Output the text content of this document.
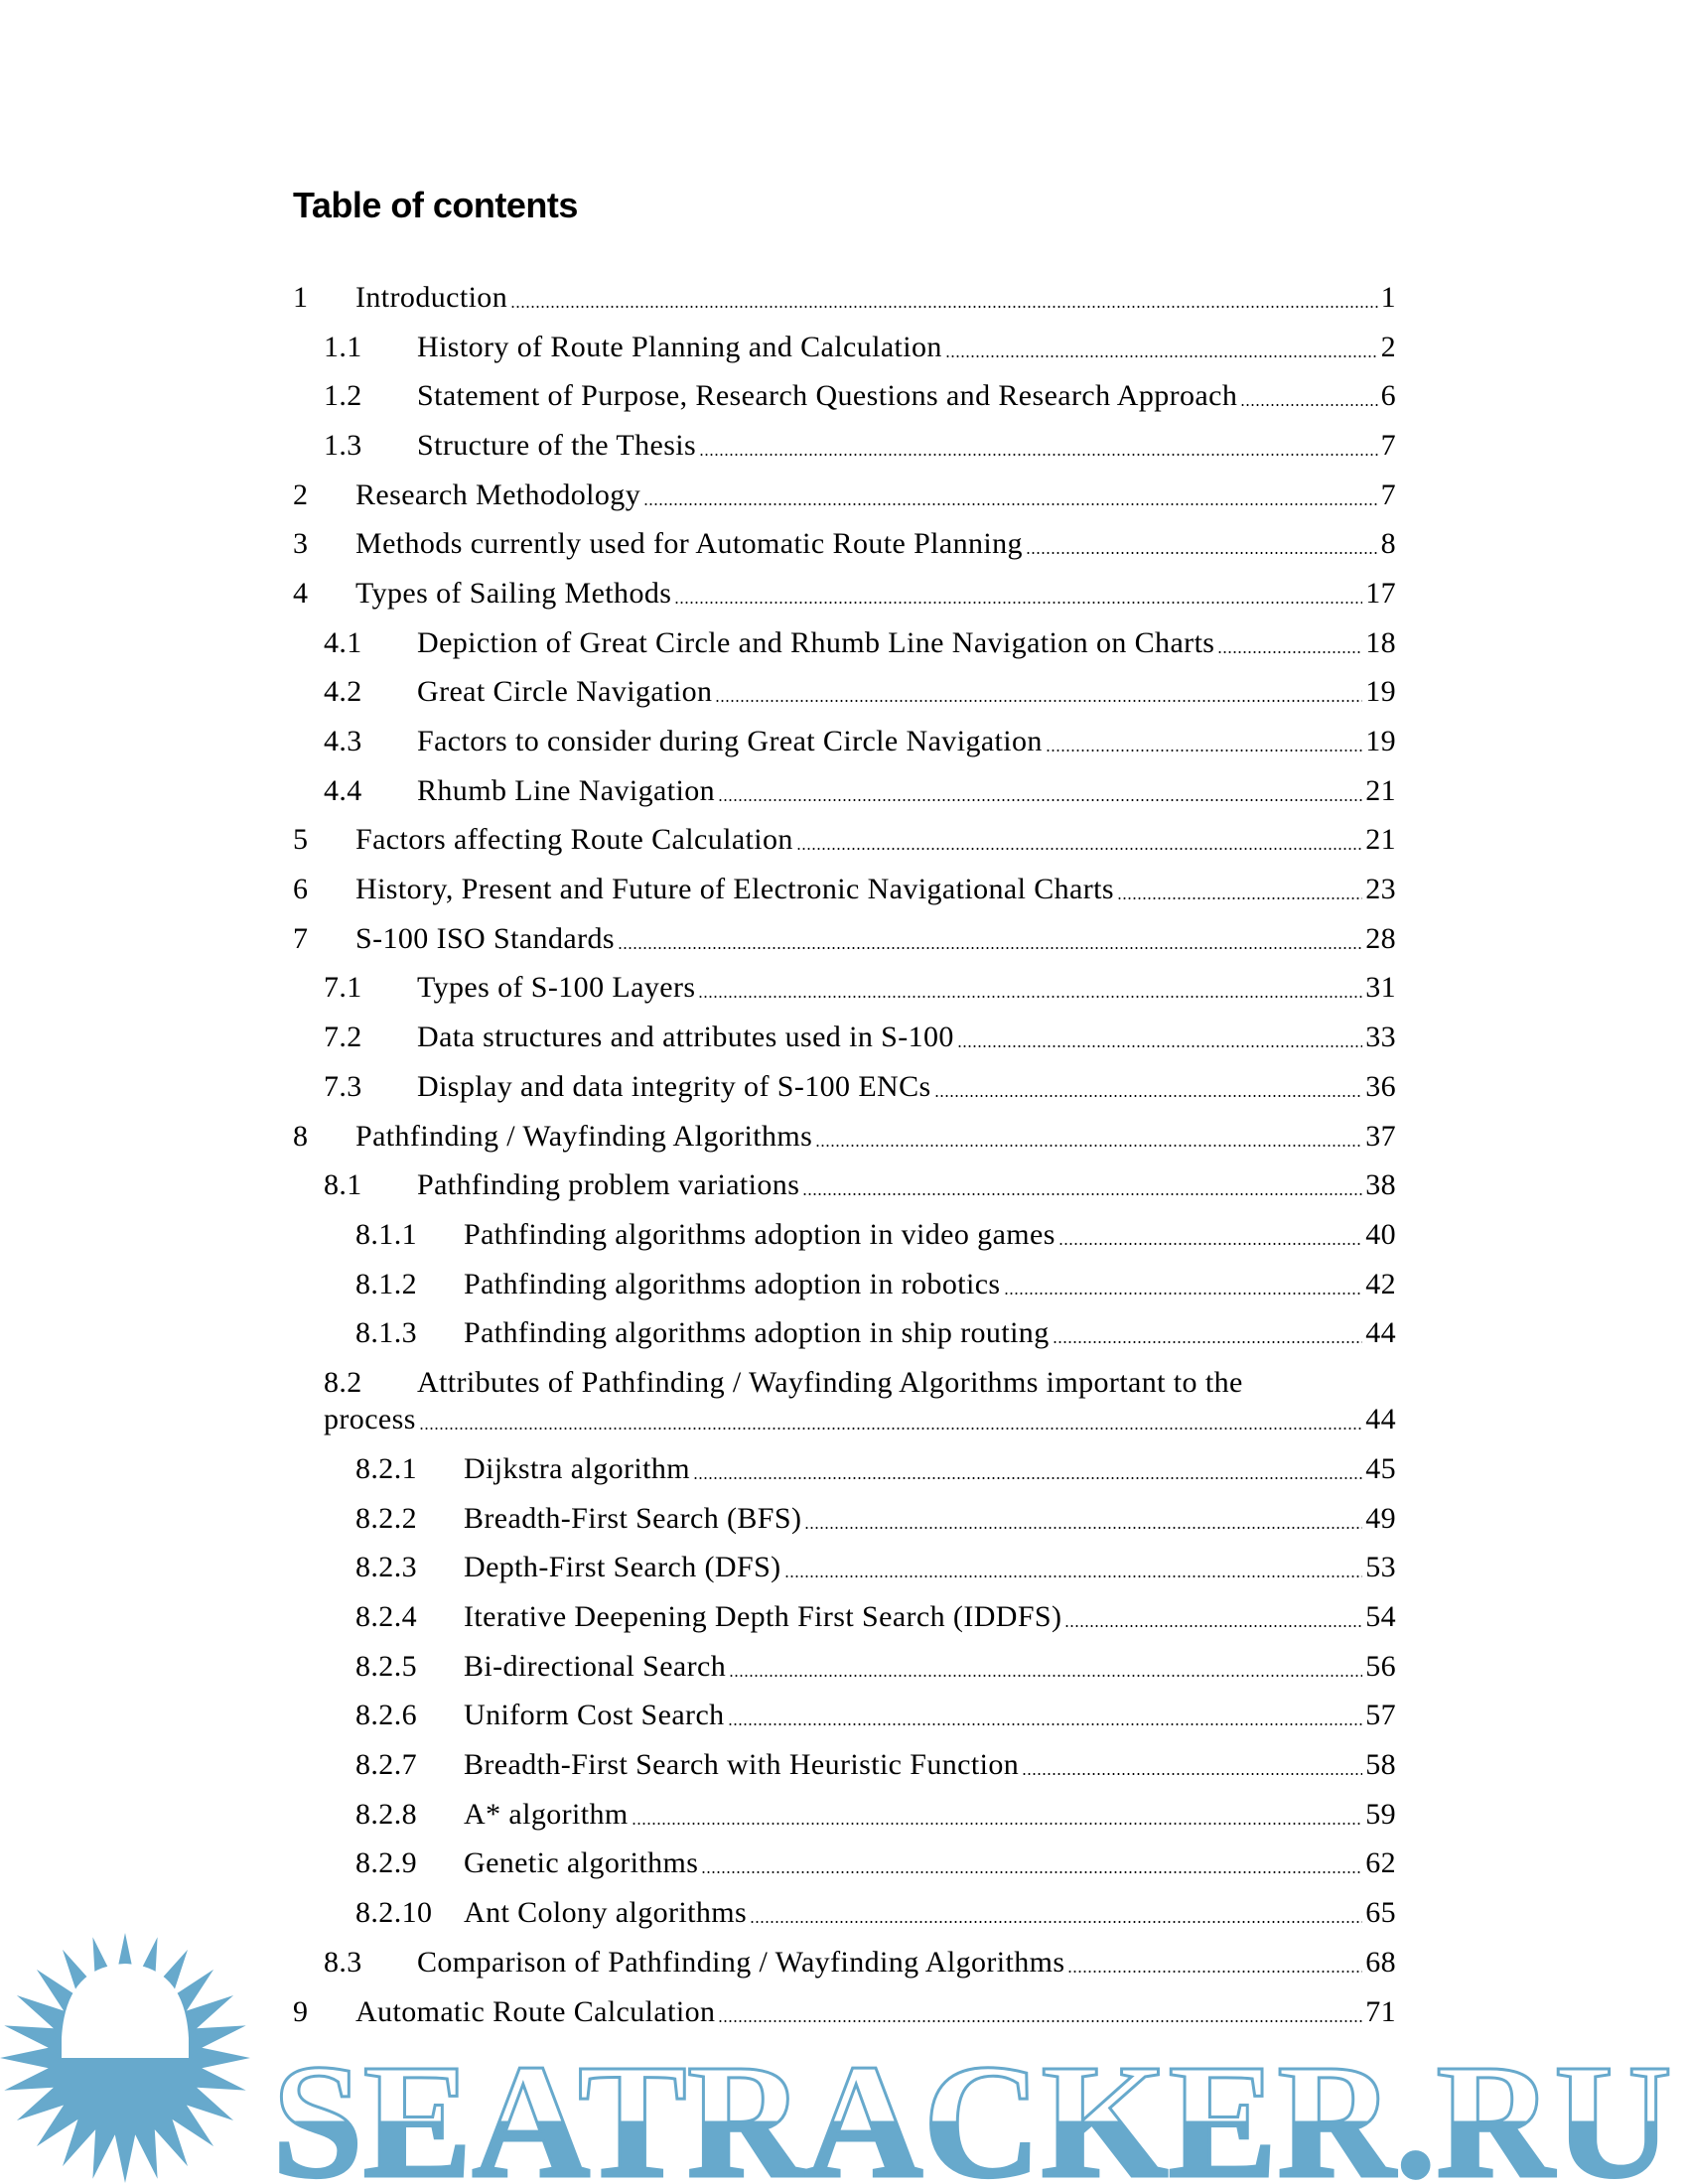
Table of contents
1	Introduction	1
1.1	History of Route Planning and Calculation	2
1.2	Statement of Purpose, Research Questions and Research Approach	6
1.3	Structure of the Thesis	7
2	Research Methodology	7
3	Methods currently used for Automatic Route Planning	8
4	Types of Sailing Methods	17
4.1	Depiction of Great Circle and Rhumb Line Navigation on Charts	18
4.2	Great Circle Navigation	19
4.3	Factors to consider during Great Circle Navigation	19
4.4	Rhumb Line Navigation	21
5	Factors affecting Route Calculation	21
6	History, Present and Future of Electronic Navigational Charts	23
7	S-100 ISO Standards	28
7.1	Types of S-100 Layers	31
7.2	Data structures and attributes used in S-100	33
7.3	Display and data integrity of S-100 ENCs	36
8	Pathfinding / Wayfinding Algorithms	37
8.1	Pathfinding problem variations	38
8.1.1	Pathfinding algorithms adoption in video games	40
8.1.2	Pathfinding algorithms adoption in robotics	42
8.1.3	Pathfinding algorithms adoption in ship routing	44
8.2	Attributes of Pathfinding / Wayfinding Algorithms important to the
process	44
8.2.1	Dijkstra algorithm	45
8.2.2	Breadth-First Search (BFS)	49
8.2.3	Depth-First Search (DFS)	53
8.2.4	Iterative Deepening Depth First Search (IDDFS)	54
8.2.5	Bi-directional Search	56
8.2.6	Uniform Cost Search	57
8.2.7	Breadth-First Search with Heuristic Function	58
8.2.8	A* algorithm	59
8.2.9	Genetic algorithms	62
8.2.10	Ant Colony algorithms	65
8.3	Comparison of Pathfinding / Wayfinding Algorithms	68
9	Automatic Route Calculation	71
SEATRACKER.RU
